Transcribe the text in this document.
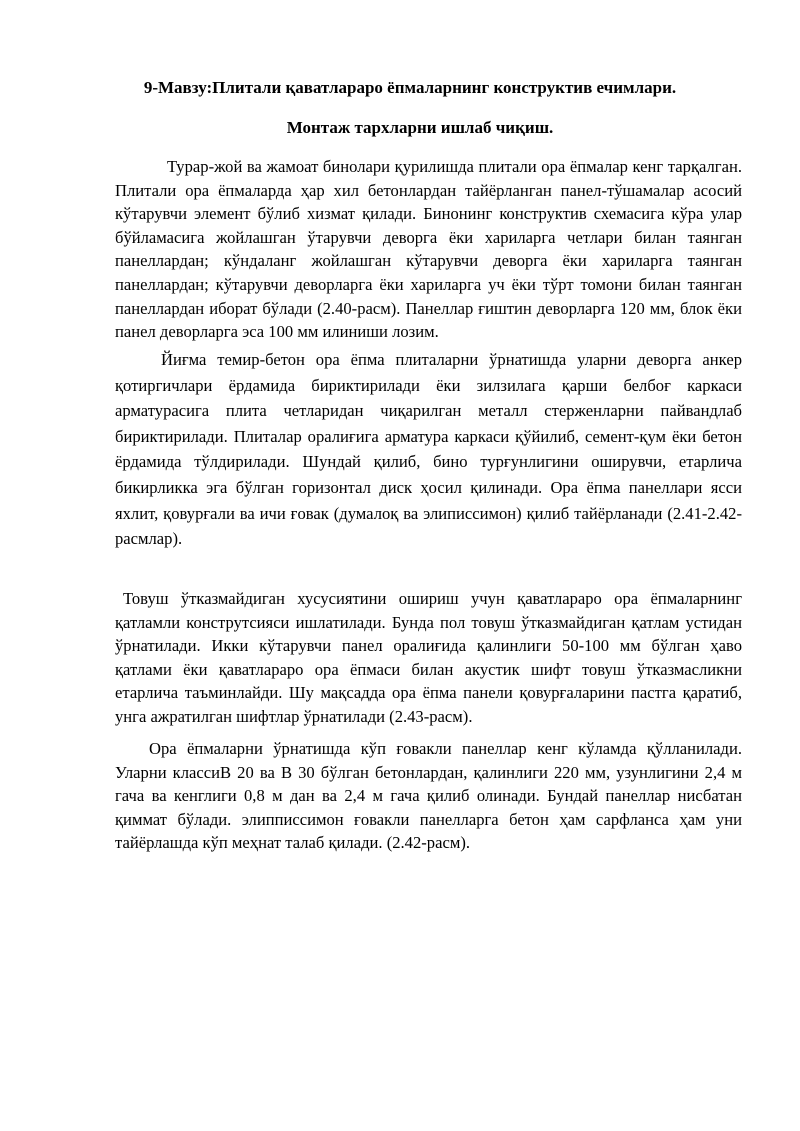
9-Мавзу:Плитали қаватлараро ёпмаларнинг конструктив ечимлари.

Монтаж тархларни ишлаб чиқиш.

Турар-жой ва жамоат бинолари қурилишда плитали ора ёпмалар кенг тарқалган. Плитали ора ёпмаларда ҳар хил бетонлардан тайёрланган панел-тўшамалар асосий кўтарувчи элемент бўлиб хизмат қилади. Бинонинг конструктив схемасига кўра улар бўйламасига жойлашган ўтарувчи деворга ёки хариларга четлари билан таянган панеллардан; кўндаланг жойлашган кўтарувчи деворга ёки хариларга таянган панеллардан; кўтарувчи деворларга ёки хариларга уч ёки тўрт томони билан таянган панеллардан иборат бўлади (2.40-расм). Панеллар ғиштин деворларга 120 мм, блок ёки панел деворларга эса 100 мм илиниши лозим.

Йиғма темир-бетон ора ёпма плиталарни ўрнатишда уларни деворга анкер қотиргичлари ёрдамида бириктирилади ёки зилзилага қарши белбоғ каркаси арматурасига плита четларидан чиқарилган металл стерженларни пайвандлаб бириктирилади. Плиталар оралиғига арматура каркаси қўйилиб, семент-қум ёки бетон ёрдамида тўлдирилади. Шундай қилиб, бино турғунлигини оширувчи, етарлича бикирликка эга бўлган горизонтал диск ҳосил қилинади. Ора ёпма панеллари ясси яхлит, қовурғали ва ичи ғовак (думалоқ ва элиписсимон) қилиб тайёрланади (2.41-2.42- расмлар).

Товуш ўтказмайдиган хусусиятини ошириш учун қаватлараро ора ёпмаларнинг қатламли конструтсияси ишлатилади. Бунда пол товуш ўтказмайдиган қатлам устидан ўрнатилади. Икки кўтарувчи панел оралиғида қалинлиги 50-100 мм бўлган ҳаво қатлами ёки қаватлараро ора ёпмаси билан акустик шифт товуш ўтказмасликни етарлича таъминлайди. Шу мақсадда ора ёпма панели қовурғаларини пастга қаратиб, унга ажратилган шифтлар ўрнатилади (2.43-расм).

Ора ёпмаларни ўрнатишда кўп ғовакли панеллар кенг кўламда қўлланилади. Уларни классиВ 20 ва В 30 бўлган бетонлардан, қалинлиги 220 мм, узунлигини 2,4 м гача ва кенглиги 0,8 м дан ва 2,4 м гача қилиб олинади. Бундай панеллар нисбатан қиммат бўлади. элипписсимон ғовакли панелларга бетон ҳам сарфланса ҳам уни тайёрлашда кўп меҳнат талаб қилади. (2.42-расм).
